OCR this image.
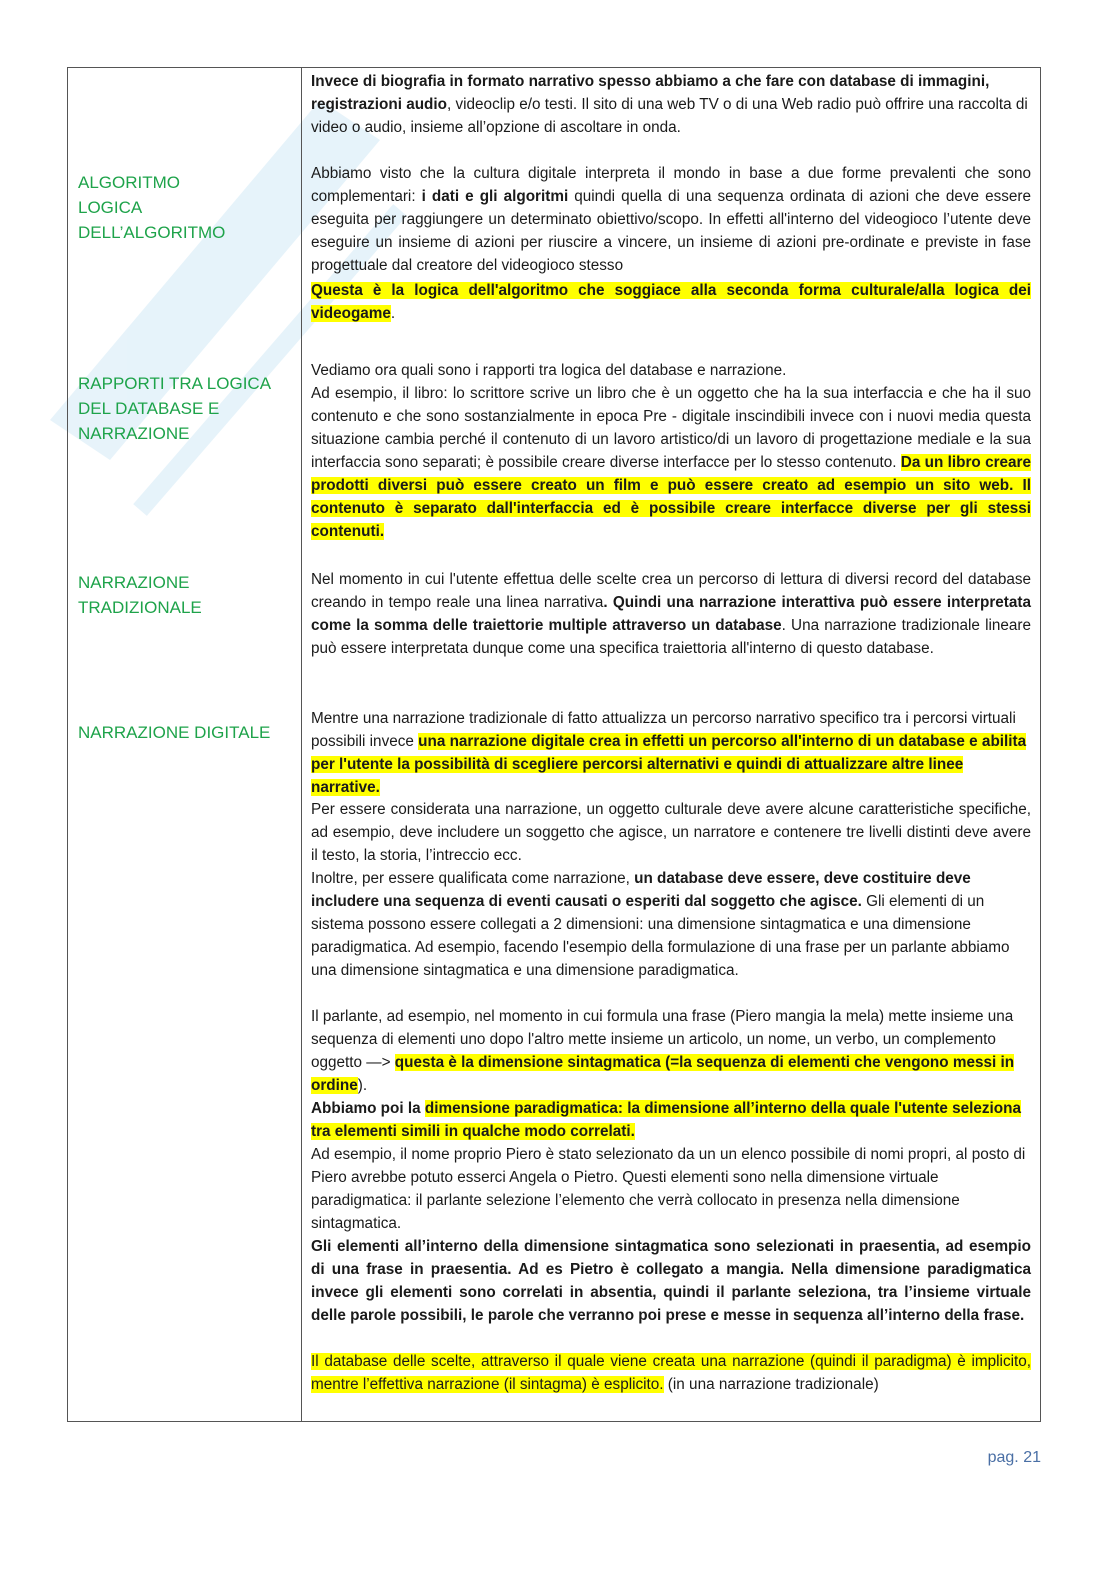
ALGORITMO
LOGICA
DELL’ALGORITMO
RAPPORTI TRA LOGICA
DEL DATABASE E
NARRAZIONE
NARRAZIONE
TRADIZIONALE
NARRAZIONE DIGITALE

Invece di biografia in formato narrativo spesso abbiamo a che fare con database di immagini, registrazioni audio, videoclip e/o testi. Il sito di una web TV o di una Web radio può offrire una raccolta di video o audio, insieme all’opzione di ascoltare in onda.

Abbiamo visto che la cultura digitale interpreta il mondo in base a due forme prevalenti che sono complementari: i dati e gli algoritmi quindi quella di una sequenza ordinata di azioni che deve essere eseguita per raggiungere un determinato obiettivo/scopo. In effetti all'interno del videogioco l’utente deve eseguire un insieme di azioni per riuscire a vincere, un insieme di azioni pre-ordinate e previste in fase progettuale dal creatore del videogioco stesso

Questa è la logica dell'algoritmo che soggiace alla seconda forma culturale/alla logica dei videogame.

Vediamo ora quali sono i rapporti tra logica del database e narrazione.
Ad esempio, il libro: lo scrittore scrive un libro che è un oggetto che ha la sua interfaccia e che ha il suo contenuto e che sono sostanzialmente in epoca Pre - digitale inscindibili invece con i nuovi media questa situazione cambia perché il contenuto di un lavoro artistico/di un lavoro di progettazione mediale e la sua interfaccia sono separati; è possibile creare diverse interfacce per lo stesso contenuto. Da un libro creare prodotti diversi può essere creato un film e può essere creato ad esempio un sito web. Il contenuto è separato dall'interfaccia ed è possibile creare interfacce diverse per gli stessi contenuti.

Nel momento in cui l'utente effettua delle scelte crea un percorso di lettura di diversi record del database creando in tempo reale una linea narrativa. Quindi una narrazione interattiva può essere interpretata come la somma delle traiettorie multiple attraverso un database. Una narrazione tradizionale lineare può essere interpretata dunque come una specifica traiettoria all'interno di questo database.

Mentre una narrazione tradizionale di fatto attualizza un percorso narrativo specifico tra i percorsi virtuali possibili invece una narrazione digitale crea in effetti un percorso all'interno di un database e abilita per l'utente la possibilità di scegliere percorsi alternativi e quindi di attualizzare altre linee narrative.

Per essere considerata una narrazione, un oggetto culturale deve avere alcune caratteristiche specifiche, ad esempio, deve includere un soggetto che agisce, un narratore e contenere tre livelli distinti deve avere il testo, la storia, l’intreccio ecc.

Inoltre, per essere qualificata come narrazione, un database deve essere, deve costituire deve includere una sequenza di eventi causati o esperiti dal soggetto che agisce. Gli elementi di un sistema possono essere collegati a 2 dimensioni: una dimensione sintagmatica e una dimensione paradigmatica. Ad esempio, facendo l'esempio della formulazione di una frase per un parlante abbiamo una dimensione sintagmatica e una dimensione paradigmatica.

Il parlante, ad esempio, nel momento in cui formula una frase (Piero mangia la mela) mette insieme una sequenza di elementi uno dopo l'altro mette insieme un articolo, un nome, un verbo, un complemento oggetto —> questa è la dimensione sintagmatica (=la sequenza di elementi che vengono messi in ordine).

Abbiamo poi la dimensione paradigmatica: la dimensione all’interno della quale l'utente seleziona tra elementi simili in qualche modo correlati.

Ad esempio, il nome proprio Piero è stato selezionato da un un elenco possibile di nomi propri, al posto di Piero avrebbe potuto esserci Angela o Pietro. Questi elementi sono nella dimensione virtuale paradigmatica: il parlante selezione l’elemento che verrà collocato in presenza nella dimensione sintagmatica.

Gli elementi all’interno della dimensione sintagmatica sono selezionati in praesentia, ad esempio di una frase in praesentia. Ad es Pietro è collegato a mangia. Nella dimensione paradigmatica invece gli elementi sono correlati in absentia, quindi il parlante seleziona, tra l’insieme virtuale delle parole possibili, le parole che verranno poi prese e messe in sequenza all’interno della frase.

Il database delle scelte, attraverso il quale viene creata una narrazione (quindi il paradigma) è implicito, mentre l’effettiva narrazione (il sintagma) è esplicito. (in una narrazione tradizionale)

pag. 21
